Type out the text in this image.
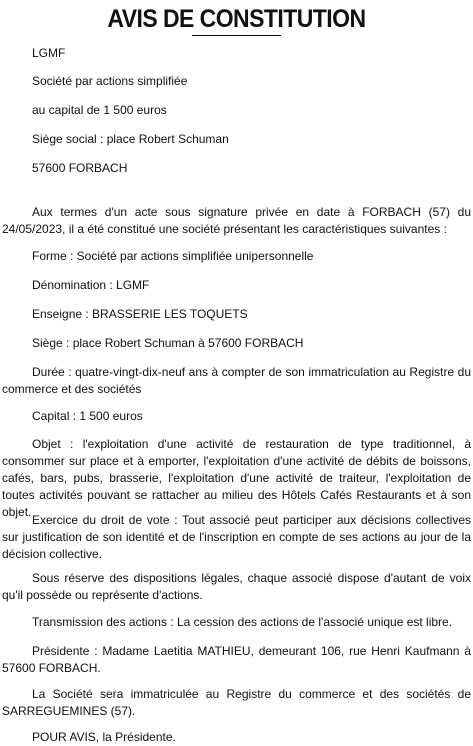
AVIS DE CONSTITUTION
LGMF
Société par actions simplifiée
au capital de 1 500 euros
Siège social : place Robert Schuman
57600 FORBACH
Aux termes d'un acte sous signature privée en date à FORBACH (57) du 24/05/2023, il a été constitué une société présentant les caractéristiques suivantes :
Forme : Société par actions simplifiée unipersonnelle
Dénomination : LGMF
Enseigne : BRASSERIE LES TOQUETS
Siège : place Robert Schuman à 57600 FORBACH
Durée : quatre-vingt-dix-neuf ans à compter de son immatriculation au Registre du commerce et des sociétés
Capital : 1 500 euros
Objet : l'exploitation d'une activité de restauration de type traditionnel, à consommer sur place et à emporter, l'exploitation d'une activité de débits de boissons, cafés, bars, pubs, brasserie, l'exploitation d'une activité de traiteur, l'exploitation de toutes activités pouvant se rattacher au milieu des Hôtels Cafés Restaurants et à son objet.
Exercice du droit de vote : Tout associé peut participer aux décisions collectives sur justification de son identité et de l'inscription en compte de ses actions au jour de la décision collective.
Sous réserve des dispositions légales, chaque associé dispose d'autant de voix qu'il possède ou représente d'actions.
Transmission des actions : La cession des actions de l'associé unique est libre.
Présidente : Madame Laetitia MATHIEU, demeurant 106, rue Henri Kaufmann à 57600 FORBACH.
La Société sera immatriculée au Registre du commerce et des sociétés de SARREGUEMINES (57).
POUR AVIS, la Présidente.
